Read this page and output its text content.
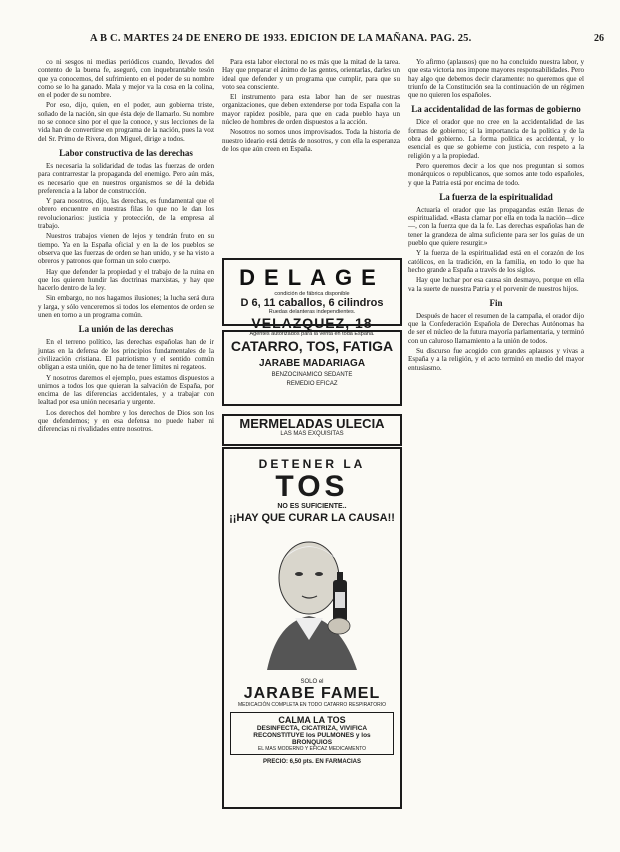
A B C. MARTES 24 DE ENERO DE 1933. EDICION DE LA MAÑANA. PAG. 25.	26

co ni sesgos ni medias periódicos cuando, llevados del contento de la buena fe, aseguró, con inquebrantable tesón que ya conocemos, del sufrimiento en el poder de su nombre como se lo ha ganado. Mala y mejor va la cosa en la colina, en el poder de su nombre.

Por eso, dijo, quien, en el poder, aun gobierna triste, soñado de la nación, sin que ésta deje de llamarlo. Su nombre no se conoce sino por el que la conoce, y sus lecciones de la vida han de convertirse en programa de la nación, pues la voz del Sr. Primo de Rivera, don Miguel, dirige a todos.

Labor constructiva de las derechas

Es necesaria la solidaridad de todas las fuerzas de orden para contrarrestar la propaganda del enemigo. Pero aún más, es necesario que en nuestros organismos se dé la debida preferencia a la labor de construcción.

Y para nosotros, dijo, las derechas, es fundamental que el obrero encuentre en nuestras filas lo que no le dan los revolucionarios: justicia y protección, de la empresa al trabajo.

Nuestros trabajos vienen de lejos y tendrán fruto en su tiempo. Ya en la España oficial y en la de los pueblos se observa que las fuerzas de orden se han unido, y se ha visto a obreros y patronos que forman un solo cuerpo.

Hay que defender la propiedad y el trabajo de la ruina en que los quieren hundir las doctrinas marxistas, y hay que hacerlo dentro de la ley.

Sin embargo, no nos hagamos ilusiones; la lucha será dura y larga, y sólo venceremos si todos los elementos de orden se unen en torno a un programa común.

La unión de las derechas

En el terreno político, las derechas españolas han de ir juntas en la defensa de los principios fundamentales de la civilización cristiana. El patriotismo y el sentido común obligan a esta unión, que no ha de tener límites ni regateos.

Y nosotros daremos el ejemplo, pues estamos dispuestos a unirnos a todos los que quieran la salvación de España, por encima de las diferencias accidentales, y a trabajar con lealtad por esa unión necesaria y urgente.

Los derechos del hombre y los derechos de Dios son los que defendemos; y en esa defensa no puede haber ni diferencias ni rivalidades entre nosotros.

Para esta labor electoral no es más que la mitad de la tarea. Hay que preparar el ánimo de las gentes, orientarlas, darles un ideal que defender y un programa que cumplir, para que su voto sea consciente.

El instrumento para esta labor han de ser nuestras organizaciones, que deben extenderse por toda España con la mayor rapidez posible, para que en cada pueblo haya un núcleo de hombres de orden dispuestos a la acción.

Nosotros no somos unos improvisados. Toda la historia de nuestro ideario está detrás de nosotros, y con ella la esperanza de los que aún creen en España.

DELAGE
condición de fábrica disponible
D 6, 11 caballos, 6 cilindros
Ruedas delanteras independientes.
VELAZQUEZ, 18
Agentes autorizados para la venta en toda España.
CATARRO, TOS, FATIGA
JARABE MADARIAGA
BENZOCINAMICO SEDANTE
REMEDIO EFICAZ
MERMELADAS ULECIA
LAS MAS EXQUISITAS
DETENER LA
TOS
NO ES SUFICIENTE..
¡¡HAY QUE CURAR LA CAUSA!!
SOLO el
JARABE FAMEL
MEDICACIÓN COMPLETA EN TODO CATARRO RESPIRATORIO
CALMA LA TOS
DESINFECTA, CICATRIZA, VIVIFICA
RECONSTITUYE los PULMONES y los BRONQUIOS
EL MAS MODERNO Y EFICAZ MEDICAMENTO
PRECIO: 6,50 pts. EN FARMACIAS

Yo afirmo (aplausos) que no ha concluido nuestra labor, y que esta victoria nos impone mayores responsabilidades. Pero hay algo que debemos decir claramente: no queremos que el triunfo de la Constitución sea la continuación de un régimen que no quieren los españoles.

La accidentalidad de las formas de gobierno

Dice el orador que no cree en la accidentalidad de las formas de gobierno; sí la importancia de la política y de la obra del gobierno. La forma política es accidental, y lo esencial es que se gobierne con justicia, con respeto a la religión y a la propiedad.

Pero queremos decir a los que nos preguntan si somos monárquicos o republicanos, que somos ante todo españoles, y que la Patria está por encima de todo.

La fuerza de la espiritualidad

Actuaría el orador que las propagandas están llenas de espiritualidad. «Basta clamar por ella en toda la nación—dice—, con la fuerza que da la fe. Las derechas españolas han de tener la grandeza de alma suficiente para ser los guías de un pueblo que quiere resurgir.»

Y la fuerza de la espiritualidad está en el corazón de los católicos, en la tradición, en la familia, en todo lo que ha hecho grande a España a través de los siglos.

Hay que luchar por esa causa sin desmayo, porque en ella va la suerte de nuestra Patria y el porvenir de nuestros hijos.

Fin

Después de hacer el resumen de la campaña, el orador dijo que la Confederación Española de Derechas Autónomas ha de ser el núcleo de la futura mayoría parlamentaria, y terminó con un caluroso llamamiento a la unión de todos.

Su discurso fue acogido con grandes aplausos y vivas a España y a la religión, y el acto terminó en medio del mayor entusiasmo.
